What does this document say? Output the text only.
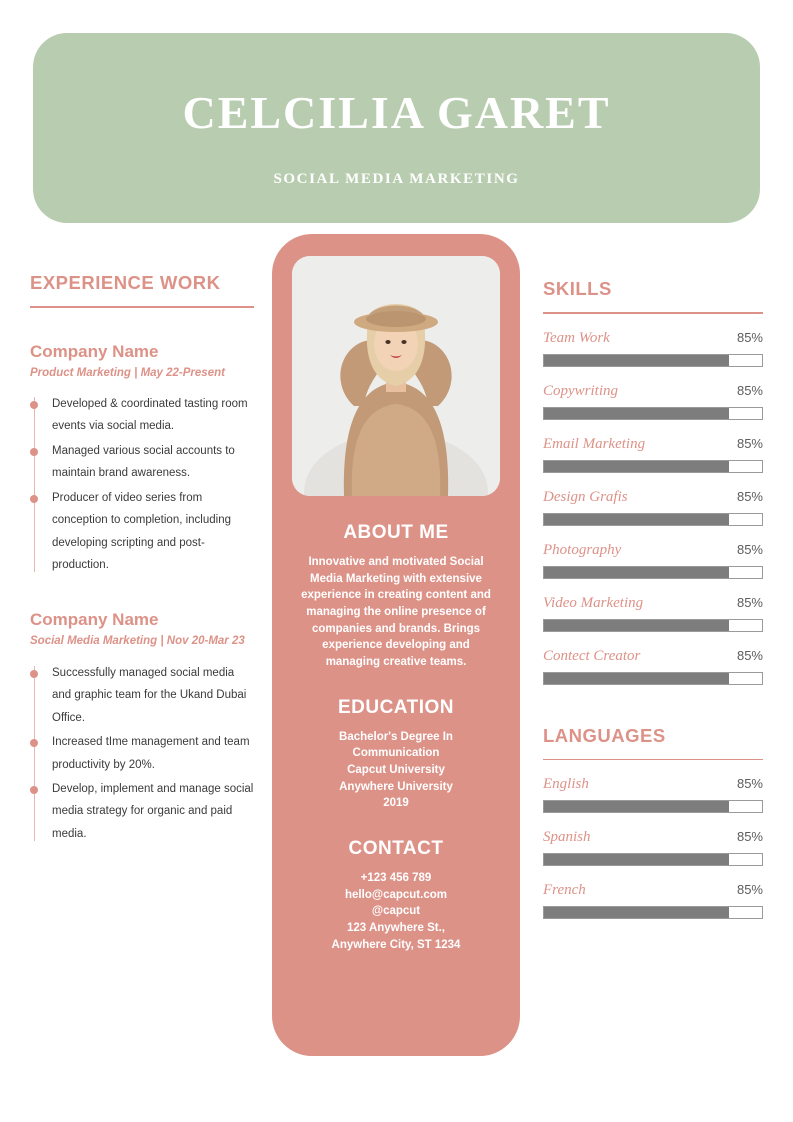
CELCILIA GARET
SOCIAL MEDIA MARKETING
EXPERIENCE WORK
Company Name
Product Marketing | May 22-Present
Developed & coordinated tasting room events via social media.
Managed various social accounts to maintain brand awareness.
Producer of video series from conception to completion, including developing scripting and post-production.
Company Name
Social Media Marketing | Nov 20-Mar 23
Successfully managed social media and graphic team for the Ukand Dubai Office.
Increased tIme management and team productivity by 20%.
Develop, implement and manage social media strategy for organic and paid media.
ABOUT ME
Innovative and motivated Social Media Marketing with extensive experience in creating content and managing the online presence of companies and brands. Brings experience developing and managing creative teams.
EDUCATION
Bachelor's Degree In Communication
Capcut University
Anywhere University
2019
CONTACT
+123 456 789
hello@capcut.com
@capcut
123 Anywhere St.,
Anywhere City, ST 1234
SKILLS
Team Work	85%
Copywriting	85%
Email Marketing	85%
Design Grafis	85%
Photography	85%
Video Marketing	85%
Contect Creator	85%
LANGUAGES
English	85%
Spanish	85%
French	85%
